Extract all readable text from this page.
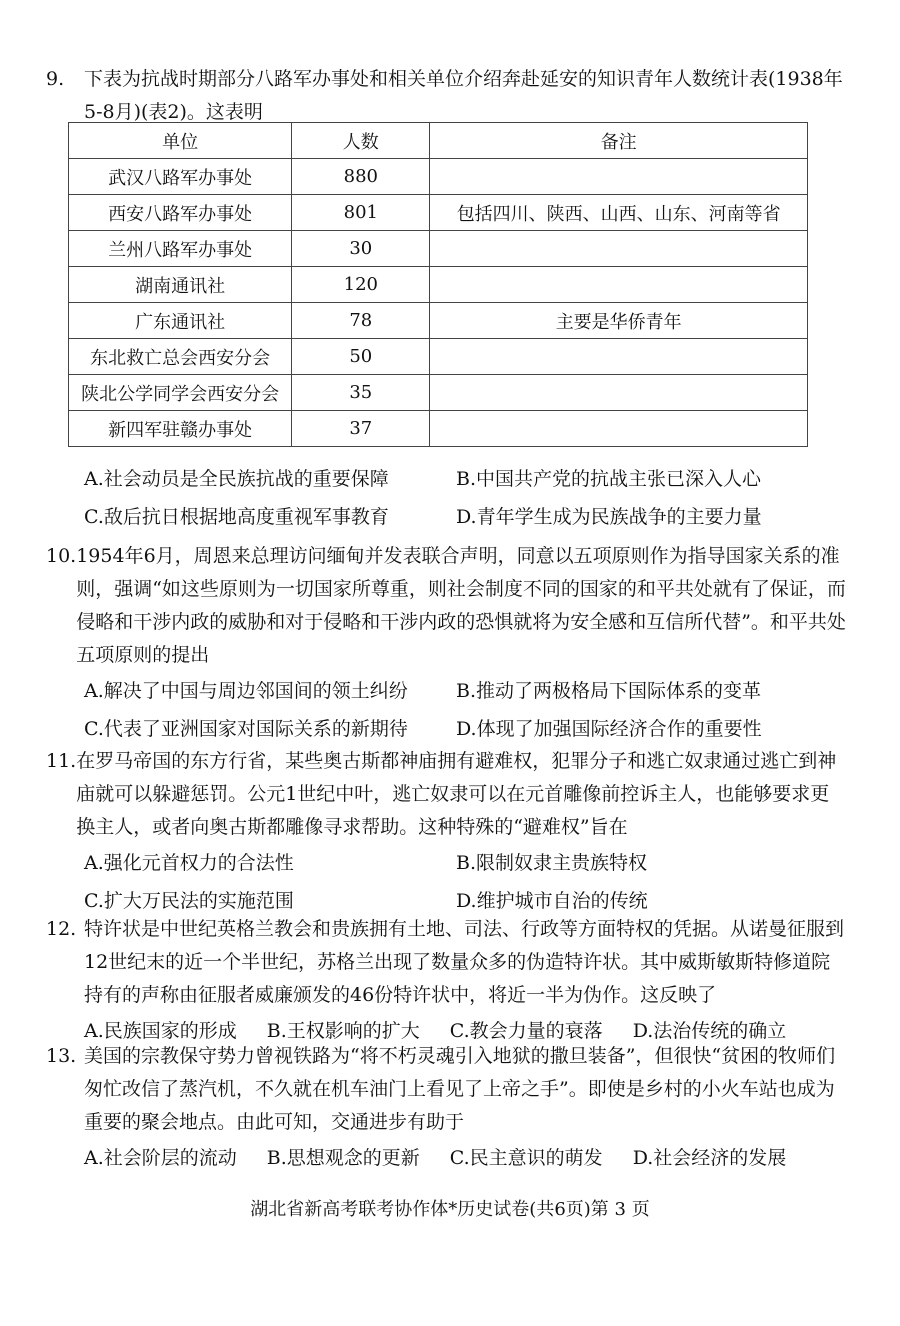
9.	下表为抗战时期部分八路军办事处和相关单位介绍奔赴延安的知识青年人数统计表(1938年5-8月)(表2)。这表明
单位	人数	备注
武汉八路军办事处	880	
西安八路军办事处	801	包括四川、陕西、山西、山东、河南等省
兰州八路军办事处	30	
湖南通讯社	120	
广东通讯社	78	主要是华侨青年
东北救亡总会西安分会	50	
陕北公学同学会西安分会	35	
新四军驻赣办事处	37	
A.社会动员是全民族抗战的重要保障	B.中国共产党的抗战主张已深入人心
C.敌后抗日根据地高度重视军事教育	D.青年学生成为民族战争的主要力量
10. 1954年6月，周恩来总理访问缅甸并发表联合声明，同意以五项原则作为指导国家关系的准则，强调“如这些原则为一切国家所尊重，则社会制度不同的国家的和平共处就有了保证，而侵略和干涉内政的威胁和对于侵略和干涉内政的恐惧就将为安全感和互信所代替”。和平共处五项原则的提出
A.解决了中国与周边邻国间的领土纠纷	B.推动了两极格局下国际体系的变革
C.代表了亚洲国家对国际关系的新期待	D.体现了加强国际经济合作的重要性
11. 在罗马帝国的东方行省，某些奥古斯都神庙拥有避难权，犯罪分子和逃亡奴隶通过逃亡到神庙就可以躲避惩罚。公元1世纪中叶，逃亡奴隶可以在元首雕像前控诉主人，也能够要求更换主人，或者向奥古斯都雕像寻求帮助。这种特殊的“避难权”旨在
A.强化元首权力的合法性	B.限制奴隶主贵族特权
C.扩大万民法的实施范围	D.维护城市自治的传统
12. 特许状是中世纪英格兰教会和贵族拥有土地、司法、行政等方面特权的凭据。从诺曼征服到12世纪末的近一个半世纪，苏格兰出现了数量众多的伪造特许状。其中威斯敏斯特修道院持有的声称由征服者威廉颁发的46份特许状中，将近一半为伪作。这反映了
A.民族国家的形成 B.王权影响的扩大 C.教会力量的衰落 D.法治传统的确立
13. 美国的宗教保守势力曾视铁路为“将不朽灵魂引入地狱的撒旦装备”，但很快“贫困的牧师们匆忙改信了蒸汽机，不久就在机车油门上看见了上帝之手”。即使是乡村的小火车站也成为重要的聚会地点。由此可知，交通进步有助于
A.社会阶层的流动 B.思想观念的更新 C.民主意识的萌发 D.社会经济的发展
湖北省新高考联考协作体*历史试卷(共6页)第 3 页
